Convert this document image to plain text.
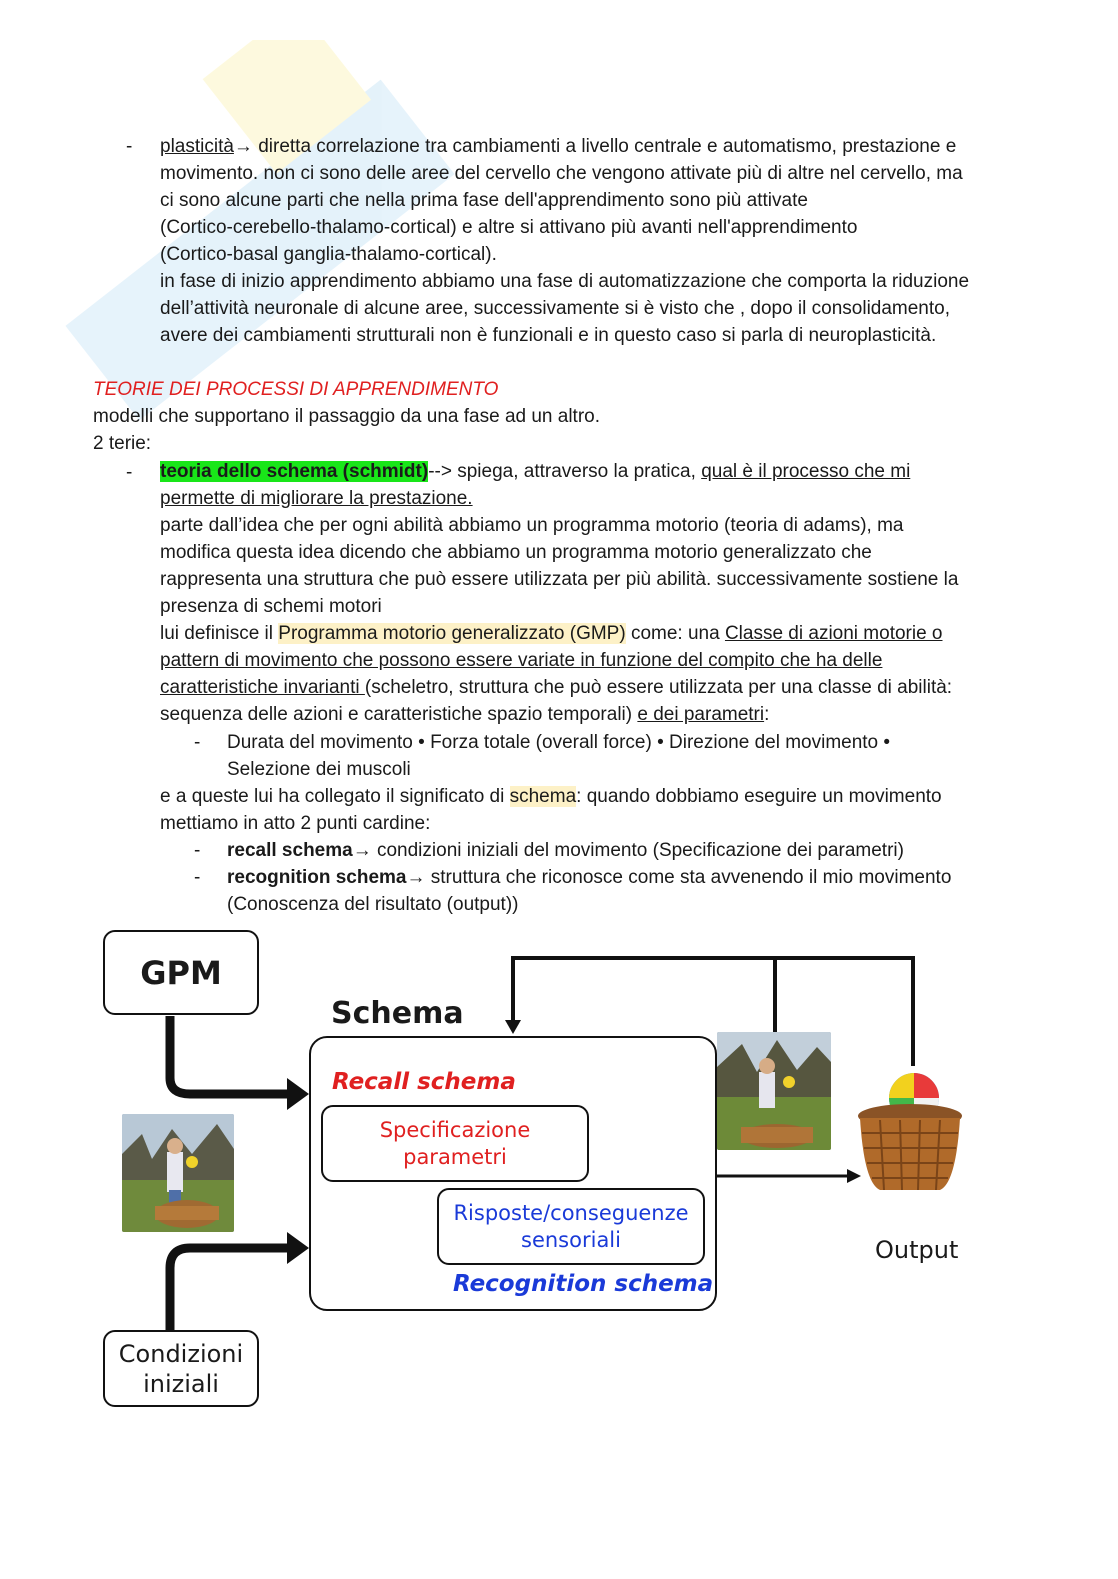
- plasticità→ diretta correlazione tra cambiamenti a livello centrale e automatismo, prestazione e
movimento. non ci sono delle aree del cervello che vengono attivate più di altre nel cervello, ma
ci sono alcune parti che nella prima fase dell'apprendimento sono più attivate
(Cortico-cerebello-thalamo-cortical) e altre si attivano più avanti nell'apprendimento
(Cortico-basal ganglia-thalamo-cortical).
in fase di inizio apprendimento abbiamo una fase di automatizzazione che comporta la riduzione
dell’attività neuronale di alcune aree, successivamente si è visto che , dopo il consolidamento,
avere dei cambiamenti strutturali non è funzionali e in questo caso si parla di neuroplasticità.
TEORIE DEI PROCESSI DI APPRENDIMENTO
modelli che supportano il passaggio da una fase ad un altro.
2 terie:
- teoria dello schema (schmidt)--> spiega, attraverso la pratica, qual è il processo che mi
permette di migliorare la prestazione.
parte dall’idea che per ogni abilità abbiamo un programma motorio (teoria di adams), ma
modifica questa idea dicendo che abbiamo un programma motorio generalizzato che
rappresenta una struttura che può essere utilizzata per più abilità. successivamente sostiene la
presenza di schemi motori
lui definisce il Programma motorio generalizzato (GMP) come: una Classe di azioni motorie o
pattern di movimento che possono essere variate in funzione del compito che ha delle
caratteristiche invarianti (scheletro, struttura che può essere utilizzata per una classe di abilità:
sequenza delle azioni e caratteristiche spazio temporali) e dei parametri:
- Durata del movimento • Forza totale (overall force) • Direzione del movimento •
Selezione dei muscoli
e a queste lui ha collegato il significato di schema: quando dobbiamo eseguire un movimento
mettiamo in atto 2 punti cardine:
- recall schema→ condizioni iniziali del movimento (Specificazione dei parametri)
- recognition schema→ struttura che riconosce come sta avvenendo il mio movimento
(Conoscenza del risultato (output))
GPM
Condizioni
iniziali
Schema
Recall schema
Specificazione
parametri
Risposte/conseguenze
sensoriali
Recognition schema
Output
